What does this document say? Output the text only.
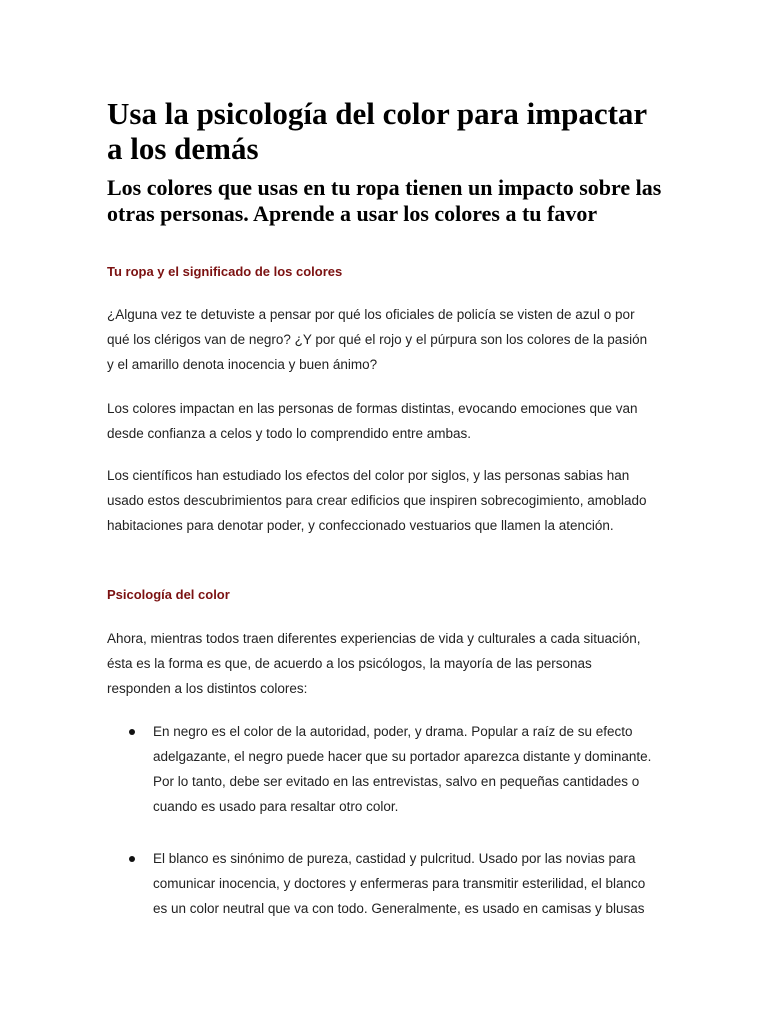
Usa la psicología del color para impactar a los demás
Los colores que usas en tu ropa tienen un impacto sobre las otras personas. Aprende a usar los colores a tu favor
Tu ropa y el significado de los colores

¿Alguna vez te detuviste a pensar por qué los oficiales de policía se visten de azul o por qué los clérigos van de negro? ¿Y por qué el rojo y el púrpura son los colores de la pasión y el amarillo denota inocencia y buen ánimo?

Los colores impactan en las personas de formas distintas, evocando emociones que van desde confianza a celos y todo lo comprendido entre ambas.

Los científicos han estudiado los efectos del color por siglos, y las personas sabias han usado estos descubrimientos para crear edificios que inspiren sobrecogimiento, amoblado habitaciones para denotar poder, y confeccionado vestuarios que llamen la atención.

Psicología del color

Ahora, mientras todos traen diferentes experiencias de vida y culturales a cada situación, ésta es la forma es que, de acuerdo a los psicólogos, la mayoría de las personas responden a los distintos colores:

En negro es el color de la autoridad, poder, y drama. Popular a raíz de su efecto adelgazante, el negro puede hacer que su portador aparezca distante y dominante. Por lo tanto, debe ser evitado en las entrevistas, salvo en pequeñas cantidades o cuando es usado para resaltar otro color.
El blanco es sinónimo de pureza, castidad y pulcritud. Usado por las novias para comunicar inocencia, y doctores y enfermeras para transmitir esterilidad, el blanco es un color neutral que va con todo. Generalmente, es usado en camisas y blusas
